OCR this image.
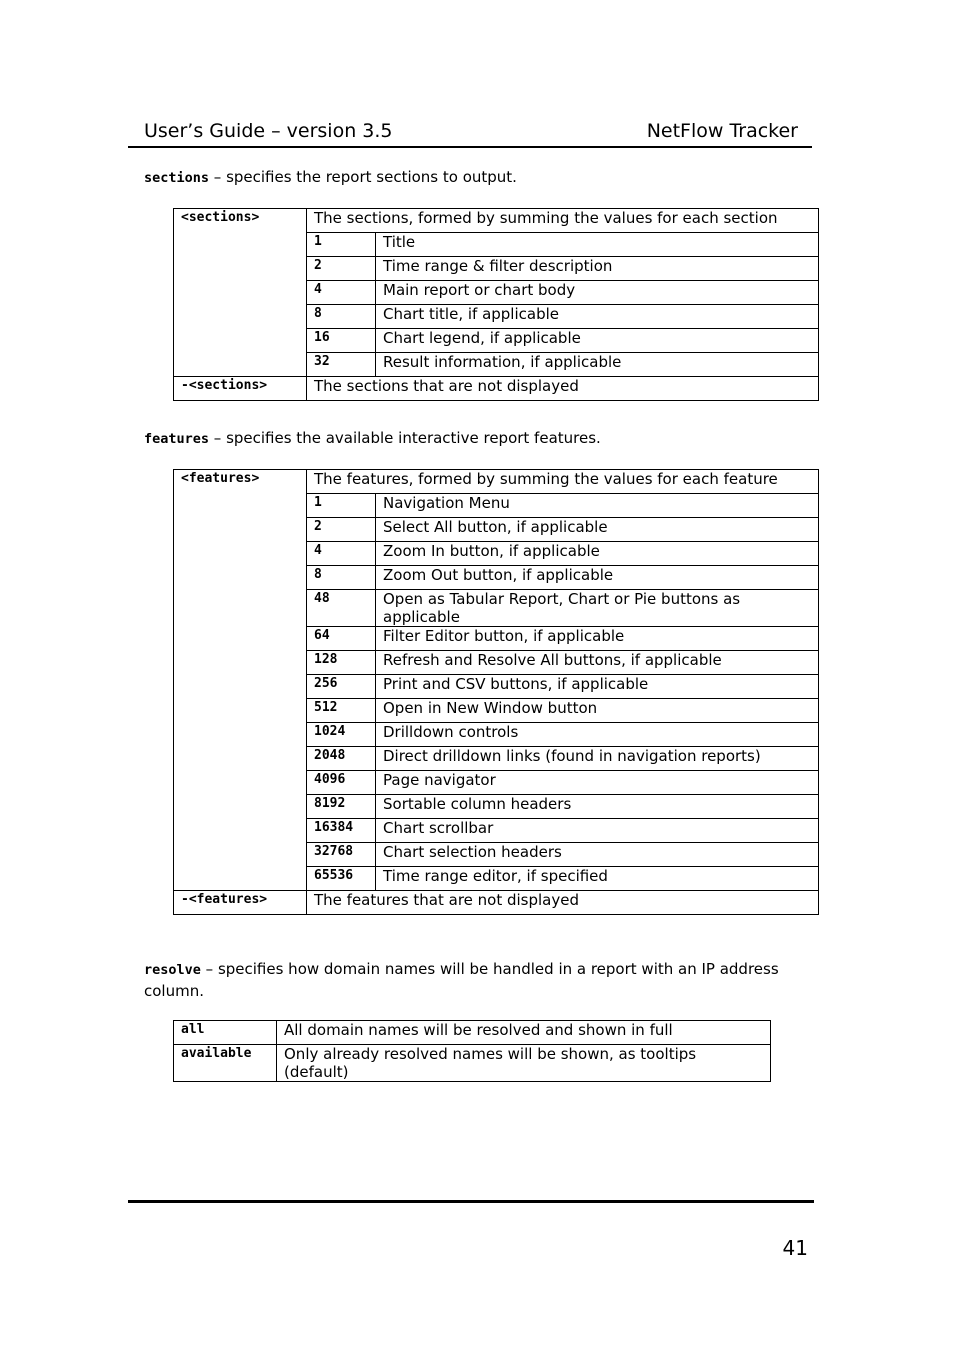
User’s Guide – version 3.5	NetFlow Tracker
sections – specifies the report sections to output.
<sections>	The sections, formed by summing the values for each section	
	1	Title
	2	Time range & filter description
	4	Main report or chart body
	8	Chart title, if applicable
	16	Chart legend, if applicable
	32	Result information, if applicable
-<sections>	The sections that are not displayed	
features – specifies the available interactive report features.
<features>	The features, formed by summing the values for each feature	
	1	Navigation Menu
	2	Select All button, if applicable
	4	Zoom In button, if applicable
	8	Zoom Out button, if applicable
	48	Open as Tabular Report, Chart or Pie buttons as applicable
	64	Filter Editor button, if applicable
	128	Refresh and Resolve All buttons, if applicable
	256	Print and CSV buttons, if applicable
	512	Open in New Window button
	1024	Drilldown controls
	2048	Direct drilldown links (found in navigation reports)
	4096	Page navigator
	8192	Sortable column headers
	16384	Chart scrollbar
	32768	Chart selection headers
	65536	Time range editor, if specified
-<features>	The features that are not displayed	
resolve – specifies how domain names will be handled in a report with an IP address column.
all	All domain names will be resolved and shown in full
available	Only already resolved names will be shown, as tooltips (default)
41
